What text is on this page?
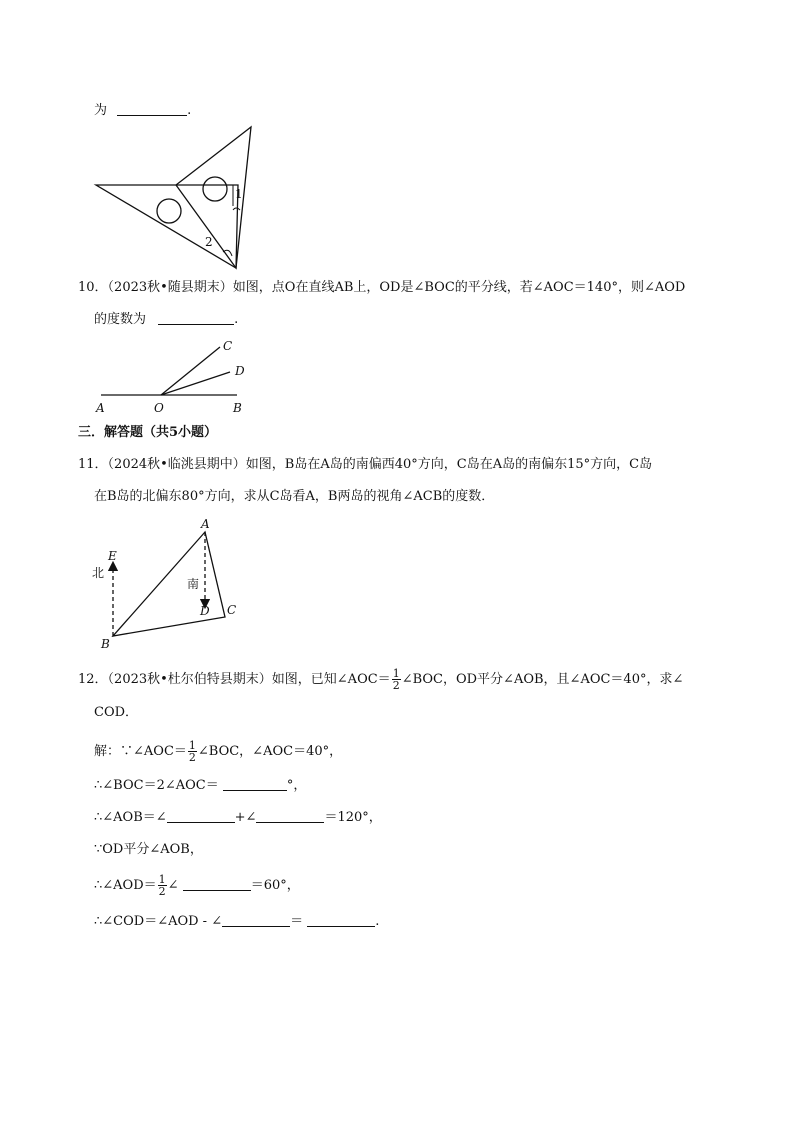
为	.
1
2
10．（2023秋•随县期末）如图，点O在直线AB上，OD是∠BOC的平分线，若∠AOC＝140°，则∠AOD
的度数为	.
A	O	B
C
D
三．解答题（共5小题）
11．（2024秋•临洮县期中）如图，B岛在A岛的南偏西40°方向，C岛在A岛的南偏东15°方向，C岛
在B岛的北偏东80°方向，求从C岛看A，B两岛的视角∠ACB的度数．
A
B
C
D
E
北
南
12．（2023秋•杜尔伯特县期末）如图，已知∠AOC＝ $\frac{1}{2}$ ∠BOC，OD平分∠AOB，且∠AOC＝40°，求∠
COD．
解：∵∠AOC＝ $\frac{1}{2}$ ∠BOC，∠AOC＝40°，
∴∠BOC＝2∠AOC＝	°，
∴∠AOB＝∠	+∠	＝120°，
∵OD平分∠AOB，
∴∠AOD＝ $\frac{1}{2}$ ∠	＝60°，
∴∠COD＝∠AOD - ∠	＝	.
